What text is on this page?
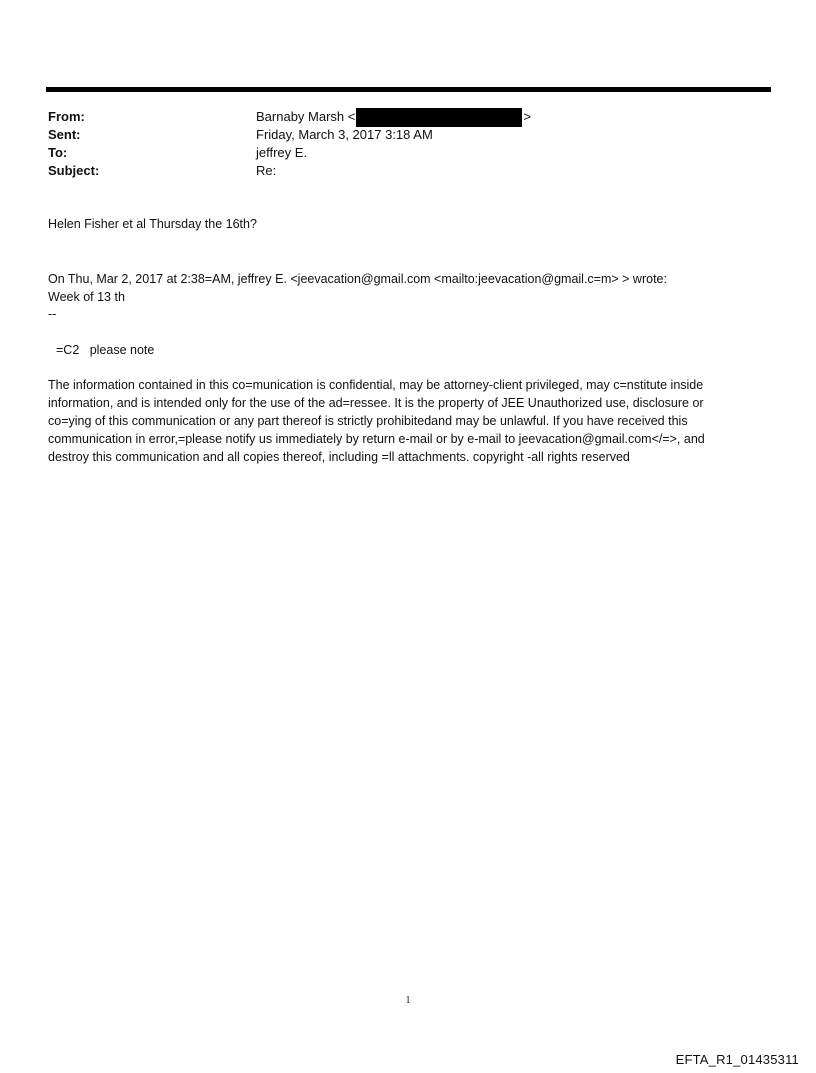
From:	Barnaby Marsh <	>
Sent:	Friday, March 3, 2017 3:18 AM
To:	jeffrey E.
Subject:	Re:
Helen Fisher et al Thursday the 16th?
On Thu, Mar 2, 2017 at 2:38=AM, jeffrey E. <jeevacation@gmail.com <mailto:jeevacation@gmail.c=m> > wrote:
Week of 13 th
--
=C2   please note
The information contained in this co=munication is confidential, may be attorney-client privileged, may c=nstitute inside
information, and is intended only for the use of the ad=ressee. It is the property of JEE Unauthorized use, disclosure or
co=ying of this communication or any part thereof is strictly prohibitedand may be unlawful. If you have received this
communication in error,=please notify us immediately by return e-mail or by e-mail to jeevacation@gmail.com</=>, and
destroy this communication and all copies thereof, including =ll attachments. copyright -all rights reserved
1
EFTA_R1_01435311
